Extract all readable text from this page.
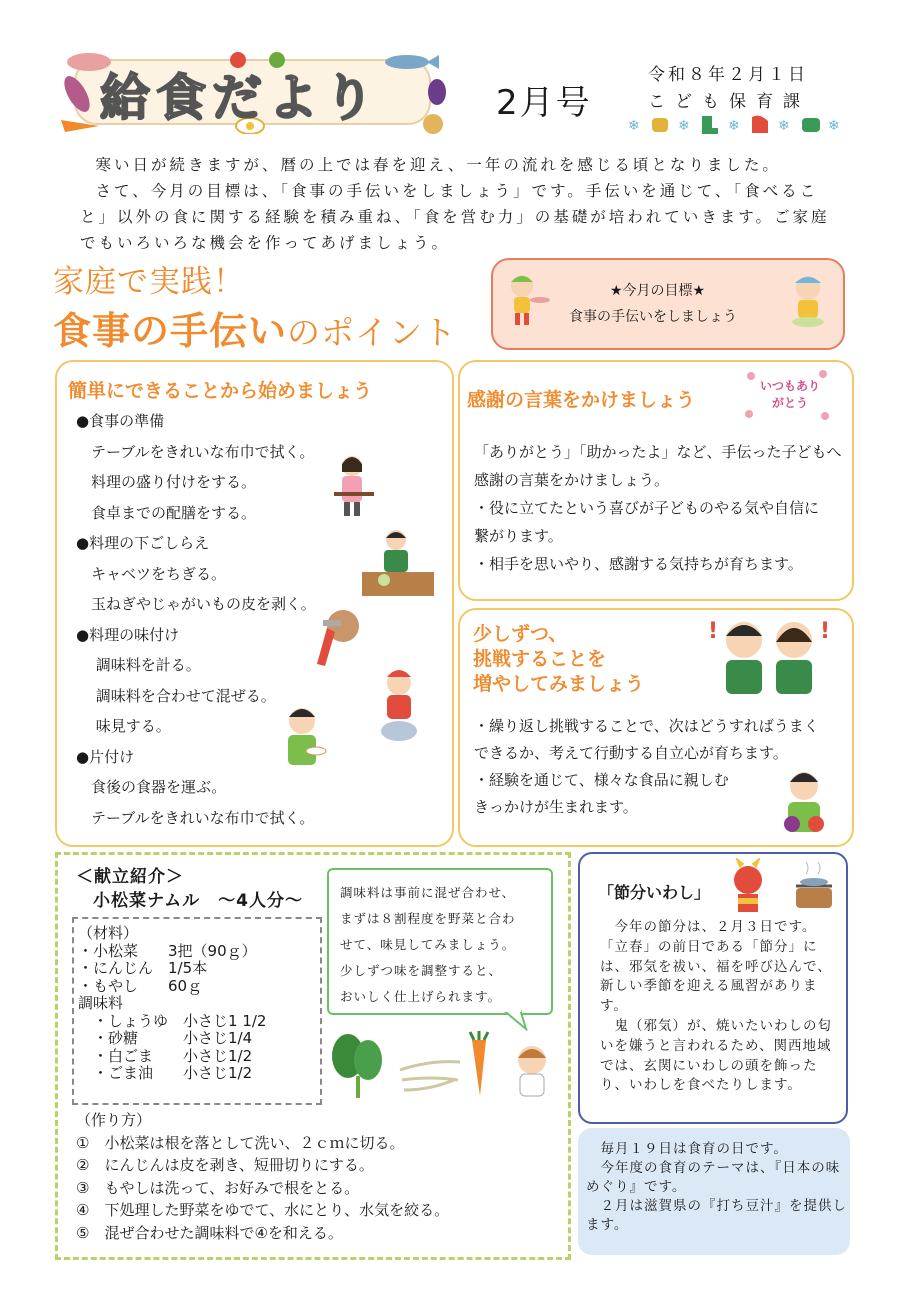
給食だより	2月号
令和８年２月１日
こども保育課
❄	❄	❄	❄	❄

寒い日が続きますが、暦の上では春を迎え、一年の流れを感じる頃となりました。

さて、今月の目標は、「食事の手伝いをしましょう」です。手伝いを通じて、「食べること」以外の食に関する経験を積み重ね、「食を営む力」の基礎が培われていきます。ご家庭でもいろいろな機会を作ってあげましょう。

家庭で実践！
食事の手伝いのポイント
★今月の目標★
食事の手伝いをしましょう
簡単にできることから始めましょう
●食事の準備
　テーブルをきれいな布巾で拭く。
　料理の盛り付けをする。
　食卓までの配膳をする。
●料理の下ごしらえ
　キャベツをちぎる。
　玉ねぎやじゃがいもの皮を剥く。
●料理の味付け
　 調味料を計る。
　 調味料を合わせて混ぜる。
　 味見する。
●片付け
　食後の食器を運ぶ。
　テーブルをきれいな布巾で拭く。
感謝の言葉をかけましょう
いつもありがとう
「ありがとう」「助かったよ」など、手伝った子どもへ
感謝の言葉をかけましょう。
・役に立てたという喜びが子どものやる気や自信に
繋がります。
・相手を思いやり、感謝する気持ちが育ちます。
少しずつ、
挑戦することを
増やしてみましょう
!	!
・繰り返し挑戦することで、次はどうすればうまく
できるか、考えて行動する自立心が育ちます。
・経験を通じて、様々な食品に親しむ
きっかけが生まれます。
＜献立紹介＞
小松菜ナムル　～4人分～
（材料）
・小松菜　　3把（90ｇ）
・にんじん　1/5本
・もやし　　60ｇ
調味料
　・しょうゆ　小さじ1 1/2
　・砂糖　　　小さじ1/4
　・白ごま　　小さじ1/2
　・ごま油　　小さじ1/2
調味料は事前に混ぜ合わせ、
まずは８割程度を野菜と合わ
せて、味見してみましょう。
少しずつ味を調整すると、
おいしく仕上げられます。
（作り方）
①　小松菜は根を落として洗い、２ｃｍに切る。
②　にんじんは皮を剥き、短冊切りにする。
③　もやしは洗って、お好みで根をとる。
④　下処理した野菜をゆでて、水にとり、水気を絞る。
⑤　混ぜ合わせた調味料で④を和える。
「節分いわし」
　今年の節分は、２月３日です。「立春」の前日である「節分」には、邪気を祓い、福を呼び込んで、新しい季節を迎える風習があります。
　鬼（邪気）が、焼いたいわしの匂いを嫌うと言われるため、関西地域では、玄関にいわしの頭を飾ったり、いわしを食べたりします。
　毎月１９日は食育の日です。
　今年度の食育のテーマは、『日本の味めぐり』です。
　２月は滋賀県の『打ち豆汁』を提供します。
